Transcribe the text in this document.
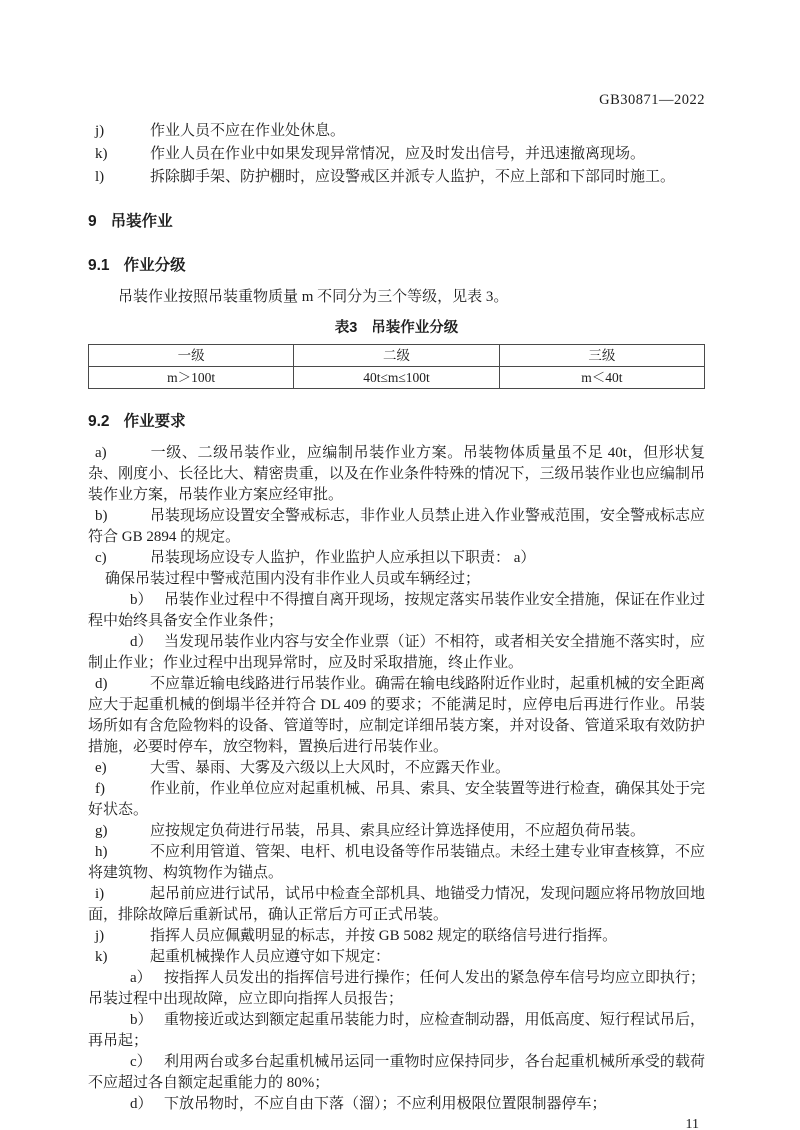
GB30871—2022
j)	作业人员不应在作业处休息。
k)	作业人员在作业中如果发现异常情况，应及时发出信号，并迅速撤离现场。
l)	拆除脚手架、防护棚时，应设警戒区并派专人监护，不应上部和下部同时施工。
9 吊装作业
9.1 作业分级
吊装作业按照吊装重物质量 m 不同分为三个等级，见表 3。
表3 吊装作业分级
一级	二级	三级
m＞100t	40t≤m≤100t	m＜40t
9.2 作业要求
a)	一级、二级吊装作业，应编制吊装作业方案。吊装物体质量虽不足 40t，但形状复杂、刚度小、长径比大、精密贵重，以及在作业条件特殊的情况下，三级吊装作业也应编制吊装作业方案，吊装作业方案应经审批。
b)	吊装现场应设置安全警戒标志，非作业人员禁止进入作业警戒范围，安全警戒标志应符合 GB 2894 的规定。
c)	吊装现场应设专人监护，作业监护人应承担以下职责： a）
确保吊装过程中警戒范围内没有非作业人员或车辆经过；
b） 吊装作业过程中不得擅自离开现场，按规定落实吊装作业安全措施，保证在作业过程中始终具备安全作业条件；
d） 当发现吊装作业内容与安全作业票（证）不相符，或者相关安全措施不落实时，应制止作业；作业过程中出现异常时，应及时采取措施，终止作业。
d)	不应靠近输电线路进行吊装作业。确需在输电线路附近作业时，起重机械的安全距离应大于起重机械的倒塌半径并符合 DL 409 的要求；不能满足时，应停电后再进行作业。吊装场所如有含危险物料的设备、管道等时，应制定详细吊装方案，并对设备、管道采取有效防护措施，必要时停车，放空物料，置换后进行吊装作业。
e)	大雪、暴雨、大雾及六级以上大风时，不应露天作业。
f)	作业前，作业单位应对起重机械、吊具、索具、安全装置等进行检查，确保其处于完好状态。
g)	应按规定负荷进行吊装，吊具、索具应经计算选择使用，不应超负荷吊装。
h)	不应利用管道、管架、电杆、机电设备等作吊装锚点。未经土建专业审查核算，不应将建筑物、构筑物作为锚点。
i)	起吊前应进行试吊，试吊中检查全部机具、地锚受力情况，发现问题应将吊物放回地面，排除故障后重新试吊，确认正常后方可正式吊装。
j)	指挥人员应佩戴明显的标志，并按 GB 5082 规定的联络信号进行指挥。
k)	起重机械操作人员应遵守如下规定：
a） 按指挥人员发出的指挥信号进行操作；任何人发出的紧急停车信号均应立即执行；吊装过程中出现故障，应立即向指挥人员报告；
b） 重物接近或达到额定起重吊装能力时，应检查制动器，用低高度、短行程试吊后，再吊起；
c） 利用两台或多台起重机械吊运同一重物时应保持同步，各台起重机械所承受的载荷不应超过各自额定起重能力的 80%；
d） 下放吊物时，不应自由下落（溜）；不应利用极限位置限制器停车；
11
